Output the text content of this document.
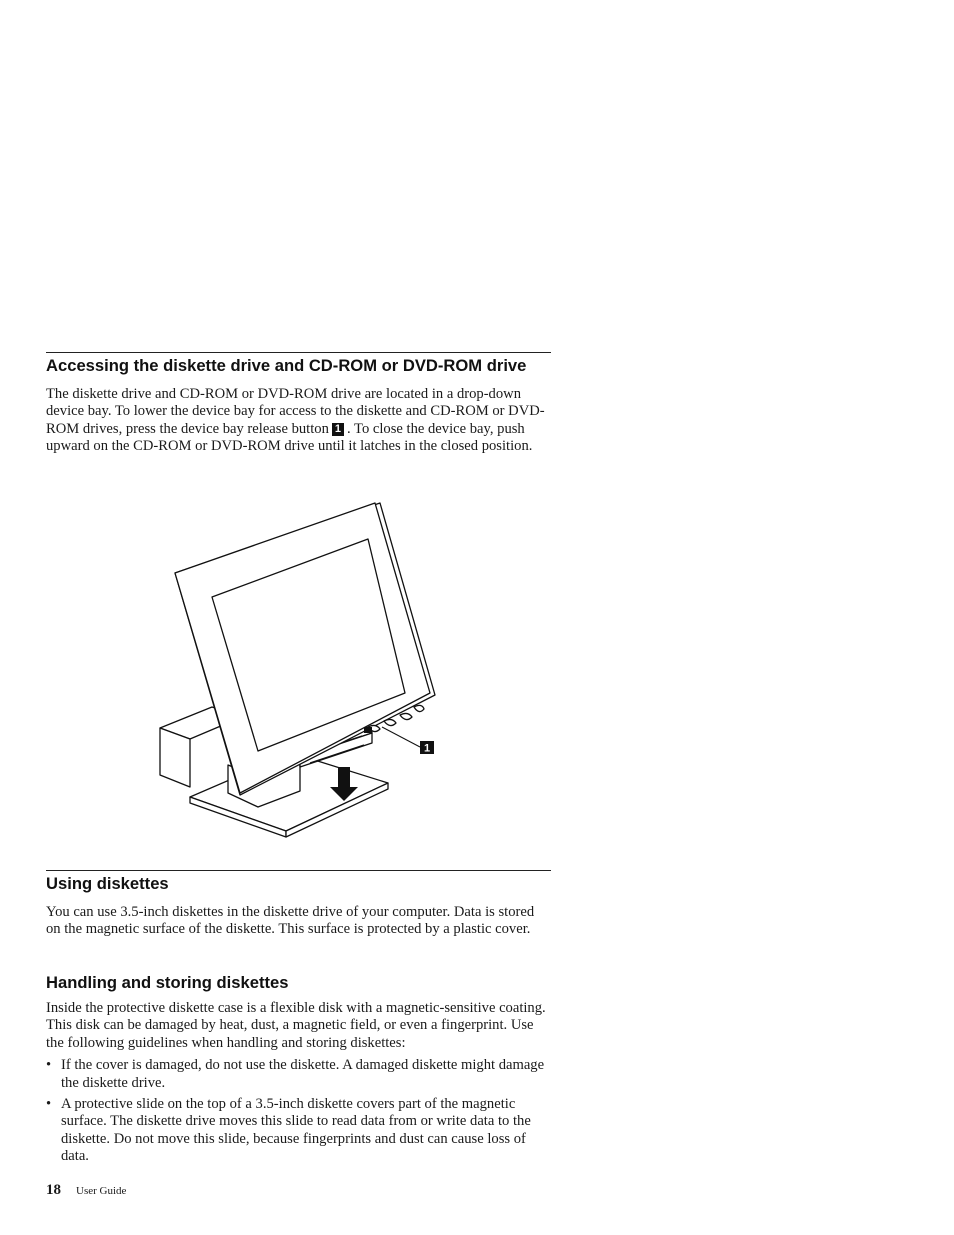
Accessing the diskette drive and CD-ROM or DVD-ROM drive

The diskette drive and CD-ROM or DVD-ROM drive are located in a drop-down device bay. To lower the device bay for access to the diskette and CD-ROM or DVD-ROM drives, press the device bay release button 1 . To close the device bay, push upward on the CD-ROM or DVD-ROM drive until it latches in the closed position.

1
Using diskettes

You can use 3.5-inch diskettes in the diskette drive of your computer. Data is stored on the magnetic surface of the diskette. This surface is protected by a plastic cover.

Handling and storing diskettes

Inside the protective diskette case is a flexible disk with a magnetic-sensitive coating. This disk can be damaged by heat, dust, a magnetic field, or even a fingerprint. Use the following guidelines when handling and storing diskettes:

• If the cover is damaged, do not use the diskette. A damaged diskette might damage the diskette drive.
• A protective slide on the top of a 3.5-inch diskette covers part of the magnetic surface. The diskette drive moves this slide to read data from or write data to the diskette. Do not move this slide, because fingerprints and dust can cause loss of data.
18 User Guide
